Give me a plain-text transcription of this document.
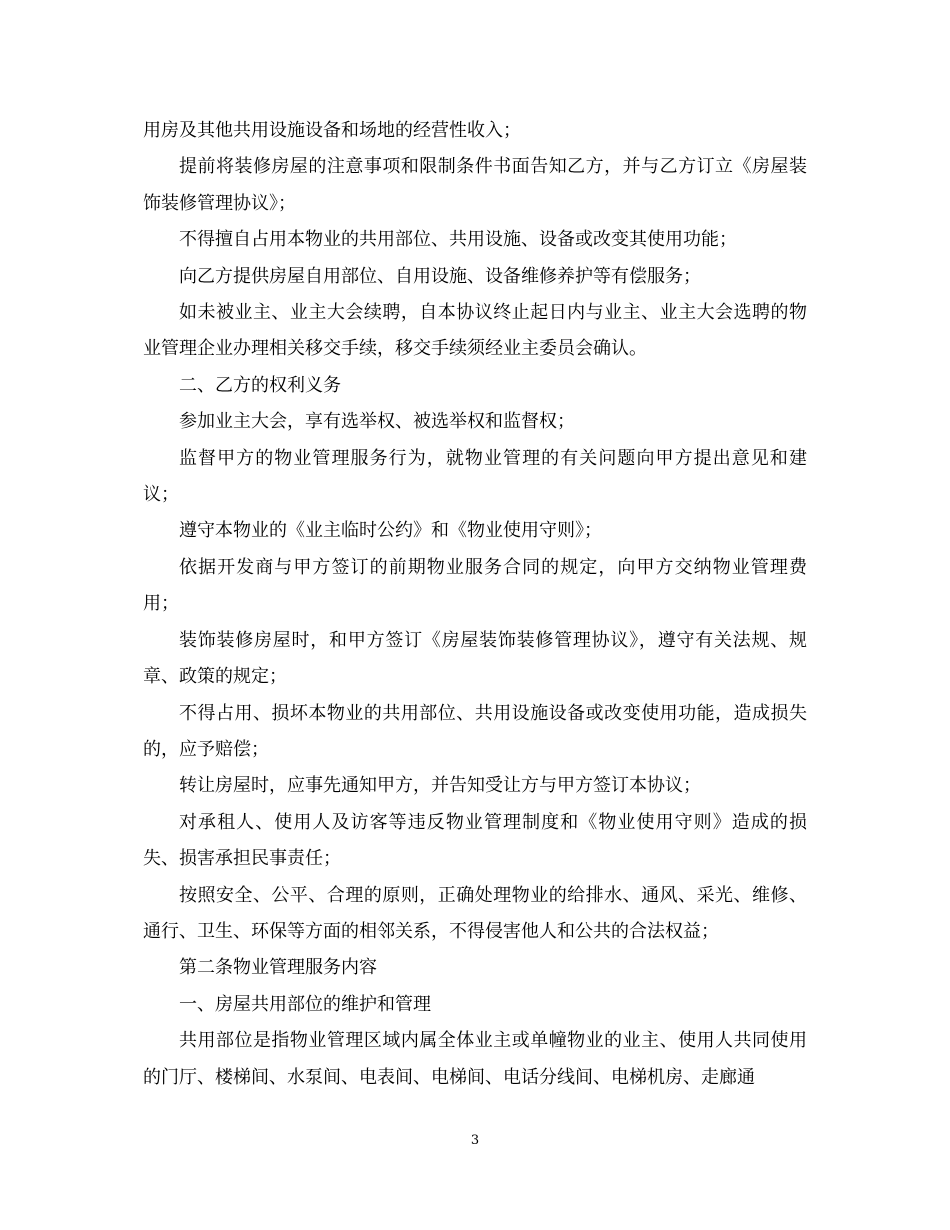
用房及其他共用设施设备和场地的经营性收入；

提前将装修房屋的注意事项和限制条件书面告知乙方，并与乙方订立《房屋装饰装修管理协议》；

不得擅自占用本物业的共用部位、共用设施、设备或改变其使用功能；

向乙方提供房屋自用部位、自用设施、设备维修养护等有偿服务；

如未被业主、业主大会续聘，自本协议终止起日内与业主、业主大会选聘的物业管理企业办理相关移交手续，移交手续须经业主委员会确认。

二、乙方的权利义务

参加业主大会，享有选举权、被选举权和监督权；

监督甲方的物业管理服务行为，就物业管理的有关问题向甲方提出意见和建议；

遵守本物业的《业主临时公约》和《物业使用守则》；

依据开发商与甲方签订的前期物业服务合同的规定，向甲方交纳物业管理费用；

装饰装修房屋时，和甲方签订《房屋装饰装修管理协议》，遵守有关法规、规章、政策的规定；

不得占用、损坏本物业的共用部位、共用设施设备或改变使用功能，造成损失的，应予赔偿；

转让房屋时，应事先通知甲方，并告知受让方与甲方签订本协议；

对承租人、使用人及访客等违反物业管理制度和《物业使用守则》造成的损失、损害承担民事责任；

按照安全、公平、合理的原则，正确处理物业的给排水、通风、采光、维修、通行、卫生、环保等方面的相邻关系，不得侵害他人和公共的合法权益；

第二条物业管理服务内容

一、房屋共用部位的维护和管理

共用部位是指物业管理区域内属全体业主或单幢物业的业主、使用人共同使用的门厅、楼梯间、水泵间、电表间、电梯间、电话分线间、电梯机房、走廊通

3
